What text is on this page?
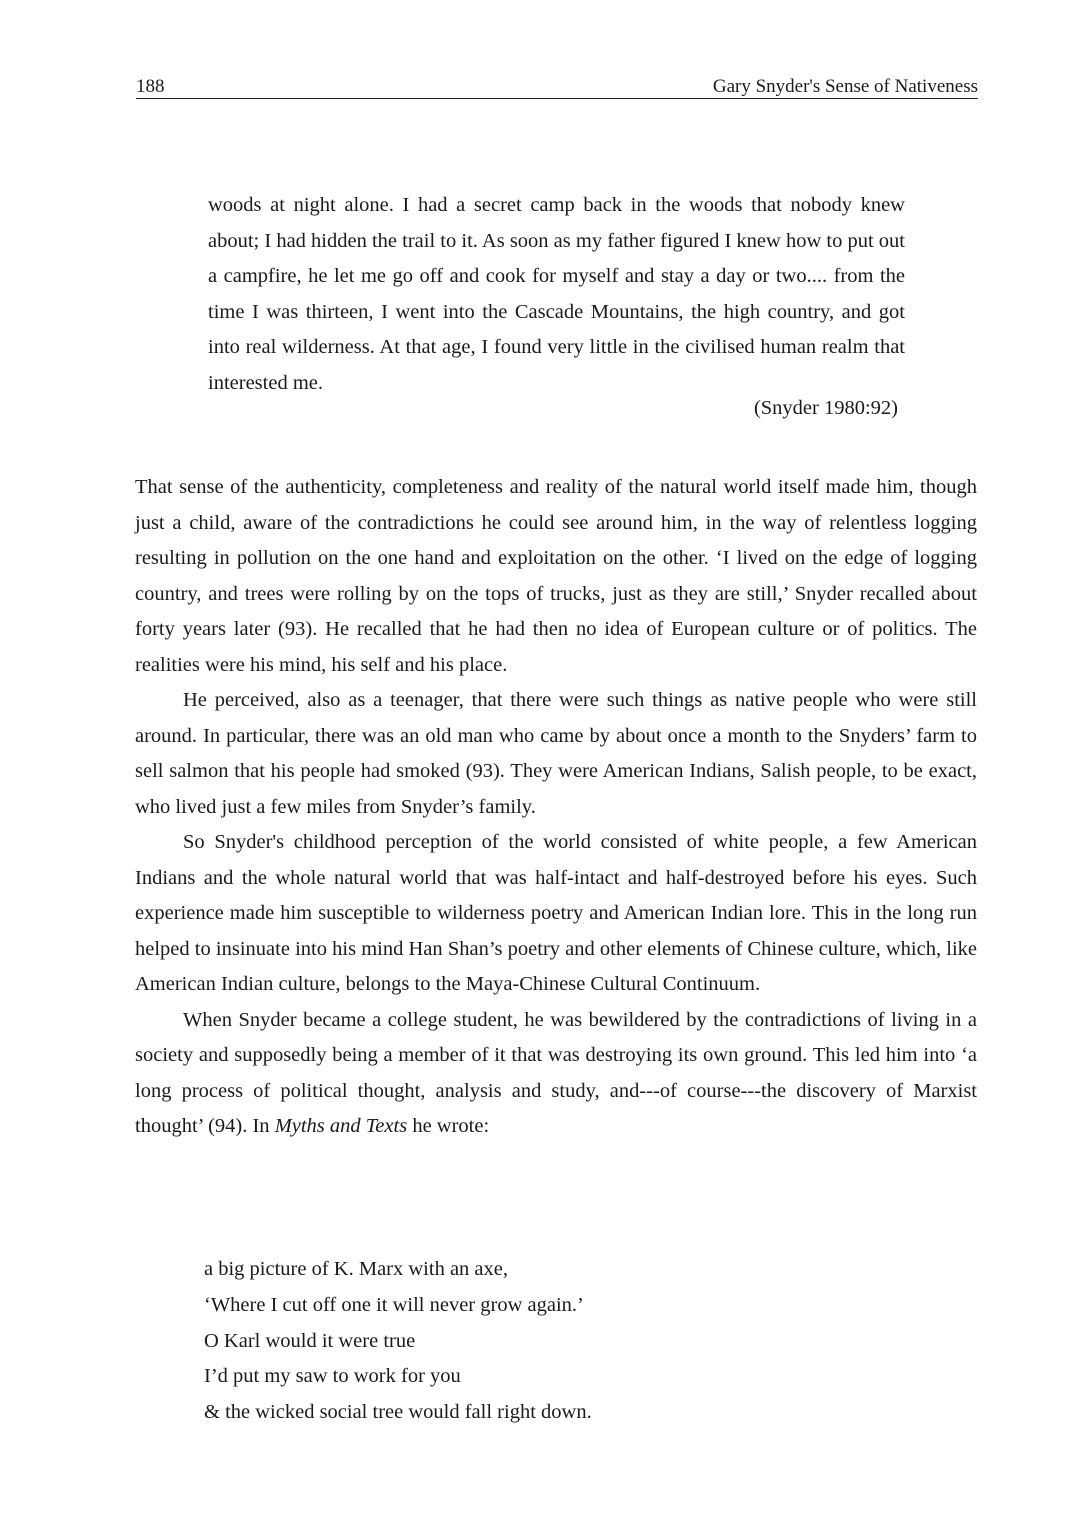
188	Gary Snyder's Sense of Nativeness

woods at night alone. I had a secret camp back in the woods that nobody knew about; I had hidden the trail to it. As soon as my father figured I knew how to put out a campfire, he let me go off and cook for myself and stay a day or two.... from the time I was thirteen, I went into the Cascade Mountains, the high country, and got into real wilderness. At that age, I found very little in the civilised human realm that interested me.

(Snyder 1980:92)

That sense of the authenticity, completeness and reality of the natural world itself made him, though just a child, aware of the contradictions he could see around him, in the way of relentless logging resulting in pollution on the one hand and exploitation on the other. ‘I lived on the edge of logging country, and trees were rolling by on the tops of trucks, just as they are still,’ Snyder recalled about forty years later (93). He recalled that he had then no idea of European culture or of politics. The realities were his mind, his self and his place.

He perceived, also as a teenager, that there were such things as native people who were still around. In particular, there was an old man who came by about once a month to the Snyders’ farm to sell salmon that his people had smoked (93). They were American Indians, Salish people, to be exact, who lived just a few miles from Snyder’s family.

So Snyder's childhood perception of the world consisted of white people, a few American Indians and the whole natural world that was half-intact and half-destroyed before his eyes. Such experience made him susceptible to wilderness poetry and American Indian lore. This in the long run helped to insinuate into his mind Han Shan’s poetry and other elements of Chinese culture, which, like American Indian culture, belongs to the Maya-Chinese Cultural Continuum.

When Snyder became a college student, he was bewildered by the contradictions of living in a society and supposedly being a member of it that was destroying its own ground. This led him into ‘a long process of political thought, analysis and study, and---of course---the discovery of Marxist thought’ (94). In Myths and Texts he wrote:

a big picture of K. Marx with an axe,
‘Where I cut off one it will never grow again.’
O Karl would it were true
I’d put my saw to work for you
& the wicked social tree would fall right down.
